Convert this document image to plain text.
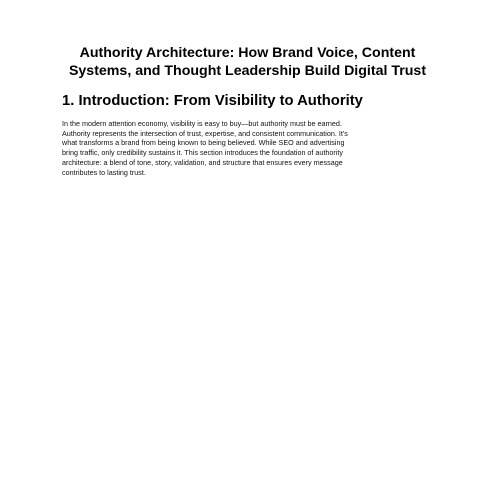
Authority Architecture: How Brand Voice, Content
Systems, and Thought Leadership Build Digital Trust
1. Introduction: From Visibility to Authority

In the modern attention economy, visibility is easy to buy—but authority must be earned.
Authority represents the intersection of trust, expertise, and consistent communication. It's
what transforms a brand from being known to being believed. While SEO and advertising
bring traffic, only credibility sustains it. This section introduces the foundation of authority
architecture: a blend of tone, story, validation, and structure that ensures every message
contributes to lasting trust.
